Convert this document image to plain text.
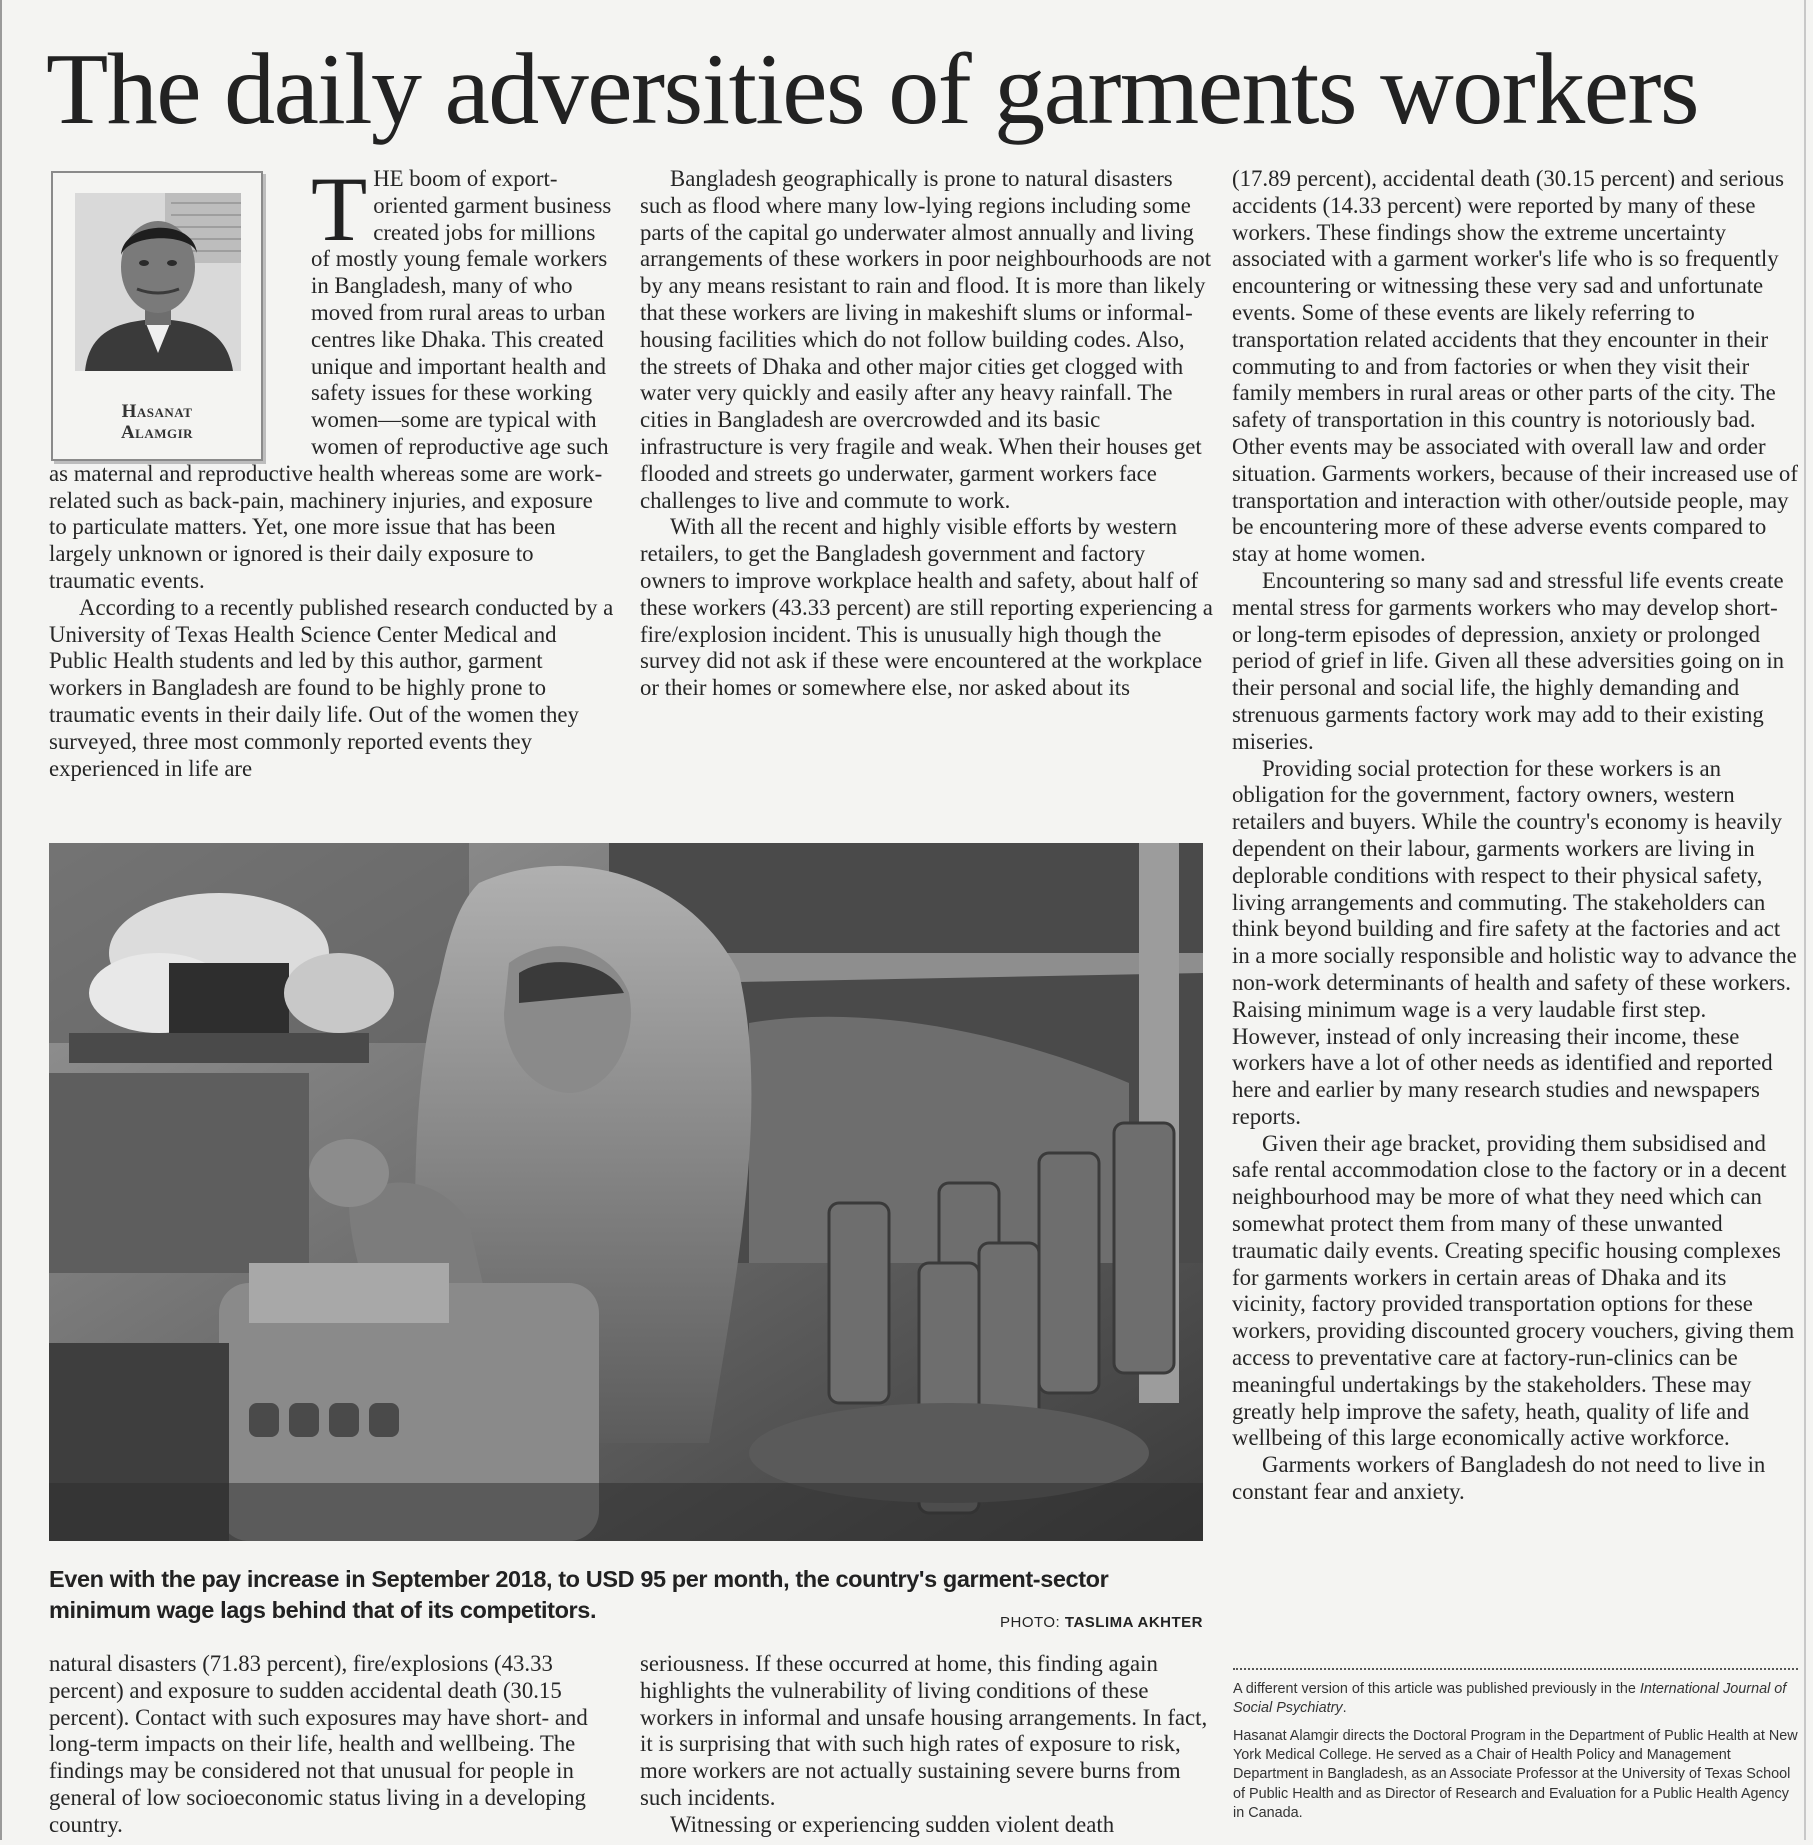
The daily adversities of garments workers

THE boom of export-oriented garment business created jobs for millions of mostly young female workers in Bangladesh, many of who moved from rural areas to urban centres like Dhaka. This created unique and important health and safety issues for these working women—some are typical with women of reproductive age such as maternal and reproductive health whereas some are work-related such as back-pain, machinery injuries, and exposure to particulate matters. Yet, one more issue that has been largely unknown or ignored is their daily exposure to traumatic events.

According to a recently published research conducted by a University of Texas Health Science Center Medical and Public Health students and led by this author, garment workers in Bangladesh are found to be highly prone to traumatic events in their daily life. Out of the women they surveyed, three most commonly reported events they experienced in life are

Hasanat
Alamgir

Bangladesh geographically is prone to natural disasters such as flood where many low-lying regions including some parts of the capital go underwater almost annually and living arrangements of these workers in poor neighbourhoods are not by any means resistant to rain and flood. It is more than likely that these workers are living in makeshift slums or informal-housing facilities which do not follow building codes. Also, the streets of Dhaka and other major cities get clogged with water very quickly and easily after any heavy rainfall. The cities in Bangladesh are overcrowded and its basic infrastructure is very fragile and weak. When their houses get flooded and streets go underwater, garment workers face challenges to live and commute to work.

With all the recent and highly visible efforts by western retailers, to get the Bangladesh government and factory owners to improve workplace health and safety, about half of these workers (43.33 percent) are still reporting experiencing a fire/explosion incident. This is unusually high though the survey did not ask if these were encountered at the workplace or their homes or somewhere else, nor asked about its

(17.89 percent), accidental death (30.15 percent) and serious accidents (14.33 percent) were reported by many of these workers. These findings show the extreme uncertainty associated with a garment worker's life who is so frequently encountering or witnessing these very sad and unfortunate events. Some of these events are likely referring to transportation related accidents that they encounter in their commuting to and from factories or when they visit their family members in rural areas or other parts of the city. The safety of transportation in this country is notoriously bad. Other events may be associated with overall law and order situation. Garments workers, because of their increased use of transportation and interaction with other/outside people, may be encountering more of these adverse events compared to stay at home women.

Encountering so many sad and stressful life events create mental stress for garments workers who may develop short- or long-term episodes of depression, anxiety or prolonged period of grief in life. Given all these adversities going on in their personal and social life, the highly demanding and strenuous garments factory work may add to their existing miseries.

Providing social protection for these workers is an obligation for the government, factory owners, western retailers and buyers. While the country's economy is heavily dependent on their labour, garments workers are living in deplorable conditions with respect to their physical safety, living arrangements and commuting. The stakeholders can think beyond building and fire safety at the factories and act in a more socially responsible and holistic way to advance the non-work determinants of health and safety of these workers. Raising minimum wage is a very laudable first step. However, instead of only increasing their income, these workers have a lot of other needs as identified and reported here and earlier by many research studies and newspapers reports.

Given their age bracket, providing them subsidised and safe rental accommodation close to the factory or in a decent neighbourhood may be more of what they need which can somewhat protect them from many of these unwanted traumatic daily events. Creating specific housing complexes for garments workers in certain areas of Dhaka and its vicinity, factory provided transportation options for these workers, providing discounted grocery vouchers, giving them access to preventative care at factory-run-clinics can be meaningful undertakings by the stakeholders. These may greatly help improve the safety, heath, quality of life and wellbeing of this large economically active workforce.

Garments workers of Bangladesh do not need to live in constant fear and anxiety.

Even with the pay increase in September 2018, to USD 95 per month, the country's garment-sector minimum wage lags behind that of its competitors.	PHOTO: TASLIMA AKHTER

natural disasters (71.83 percent), fire/explosions (43.33 percent) and exposure to sudden accidental death (30.15 percent). Contact with such exposures may have short- and long-term impacts on their life, health and wellbeing. The findings may be considered not that unusual for people in general of low socioeconomic status living in a developing country.

seriousness. If these occurred at home, this finding again highlights the vulnerability of living conditions of these workers in informal and unsafe housing arrangements. In fact, it is surprising that with such high rates of exposure to risk, more workers are not actually sustaining severe burns from such incidents.

Witnessing or experiencing sudden violent death

A different version of this article was published previously in the International Journal of Social Psychiatry.
Hasanat Alamgir directs the Doctoral Program in the Department of Public Health at New York Medical College. He served as a Chair of Health Policy and Management Department in Bangladesh, as an Associate Professor at the University of Texas School of Public Health and as Director of Research and Evaluation for a Public Health Agency in Canada.
